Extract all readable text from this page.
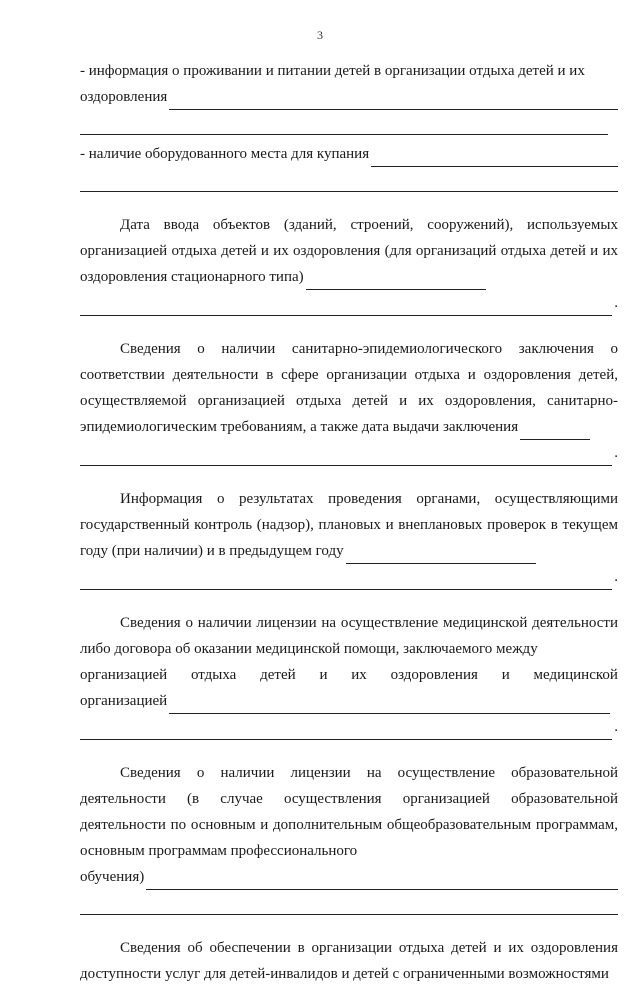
3
- информация о проживании и питании детей в организации отдыха детей и их
оздоровления
- наличие оборудованного места для купания
Дата ввода объектов (зданий, строений, сооружений), используемых организацией отдыха детей и их оздоровления (для организаций отдыха детей и их оздоровления стационарного типа)
.
Сведения о наличии санитарно-эпидемиологического заключения о соответствии деятельности в сфере организации отдыха и оздоровления детей, осуществляемой организацией отдыха детей и их оздоровления, санитарно-эпидемиологическим требованиям, а также дата выдачи заключения
.
Информация о результатах проведения органами, осуществляющими государственный контроль (надзор), плановых и внеплановых проверок в текущем году (при наличии) и в предыдущем году
.
Сведения о наличии лицензии на осуществление медицинской деятельности либо договора об оказании медицинской помощи, заключаемого между
организацией отдыха детей и их оздоровления и медицинской
организацией
.
Сведения о наличии лицензии на осуществление образовательной деятельности (в случае осуществления организацией образовательной деятельности по основным и дополнительным общеобразовательным программам, основным программам профессионального
обучения)
Сведения об обеспечении в организации отдыха детей и их оздоровления доступности услуг для детей-инвалидов и детей с ограниченными возможностями
